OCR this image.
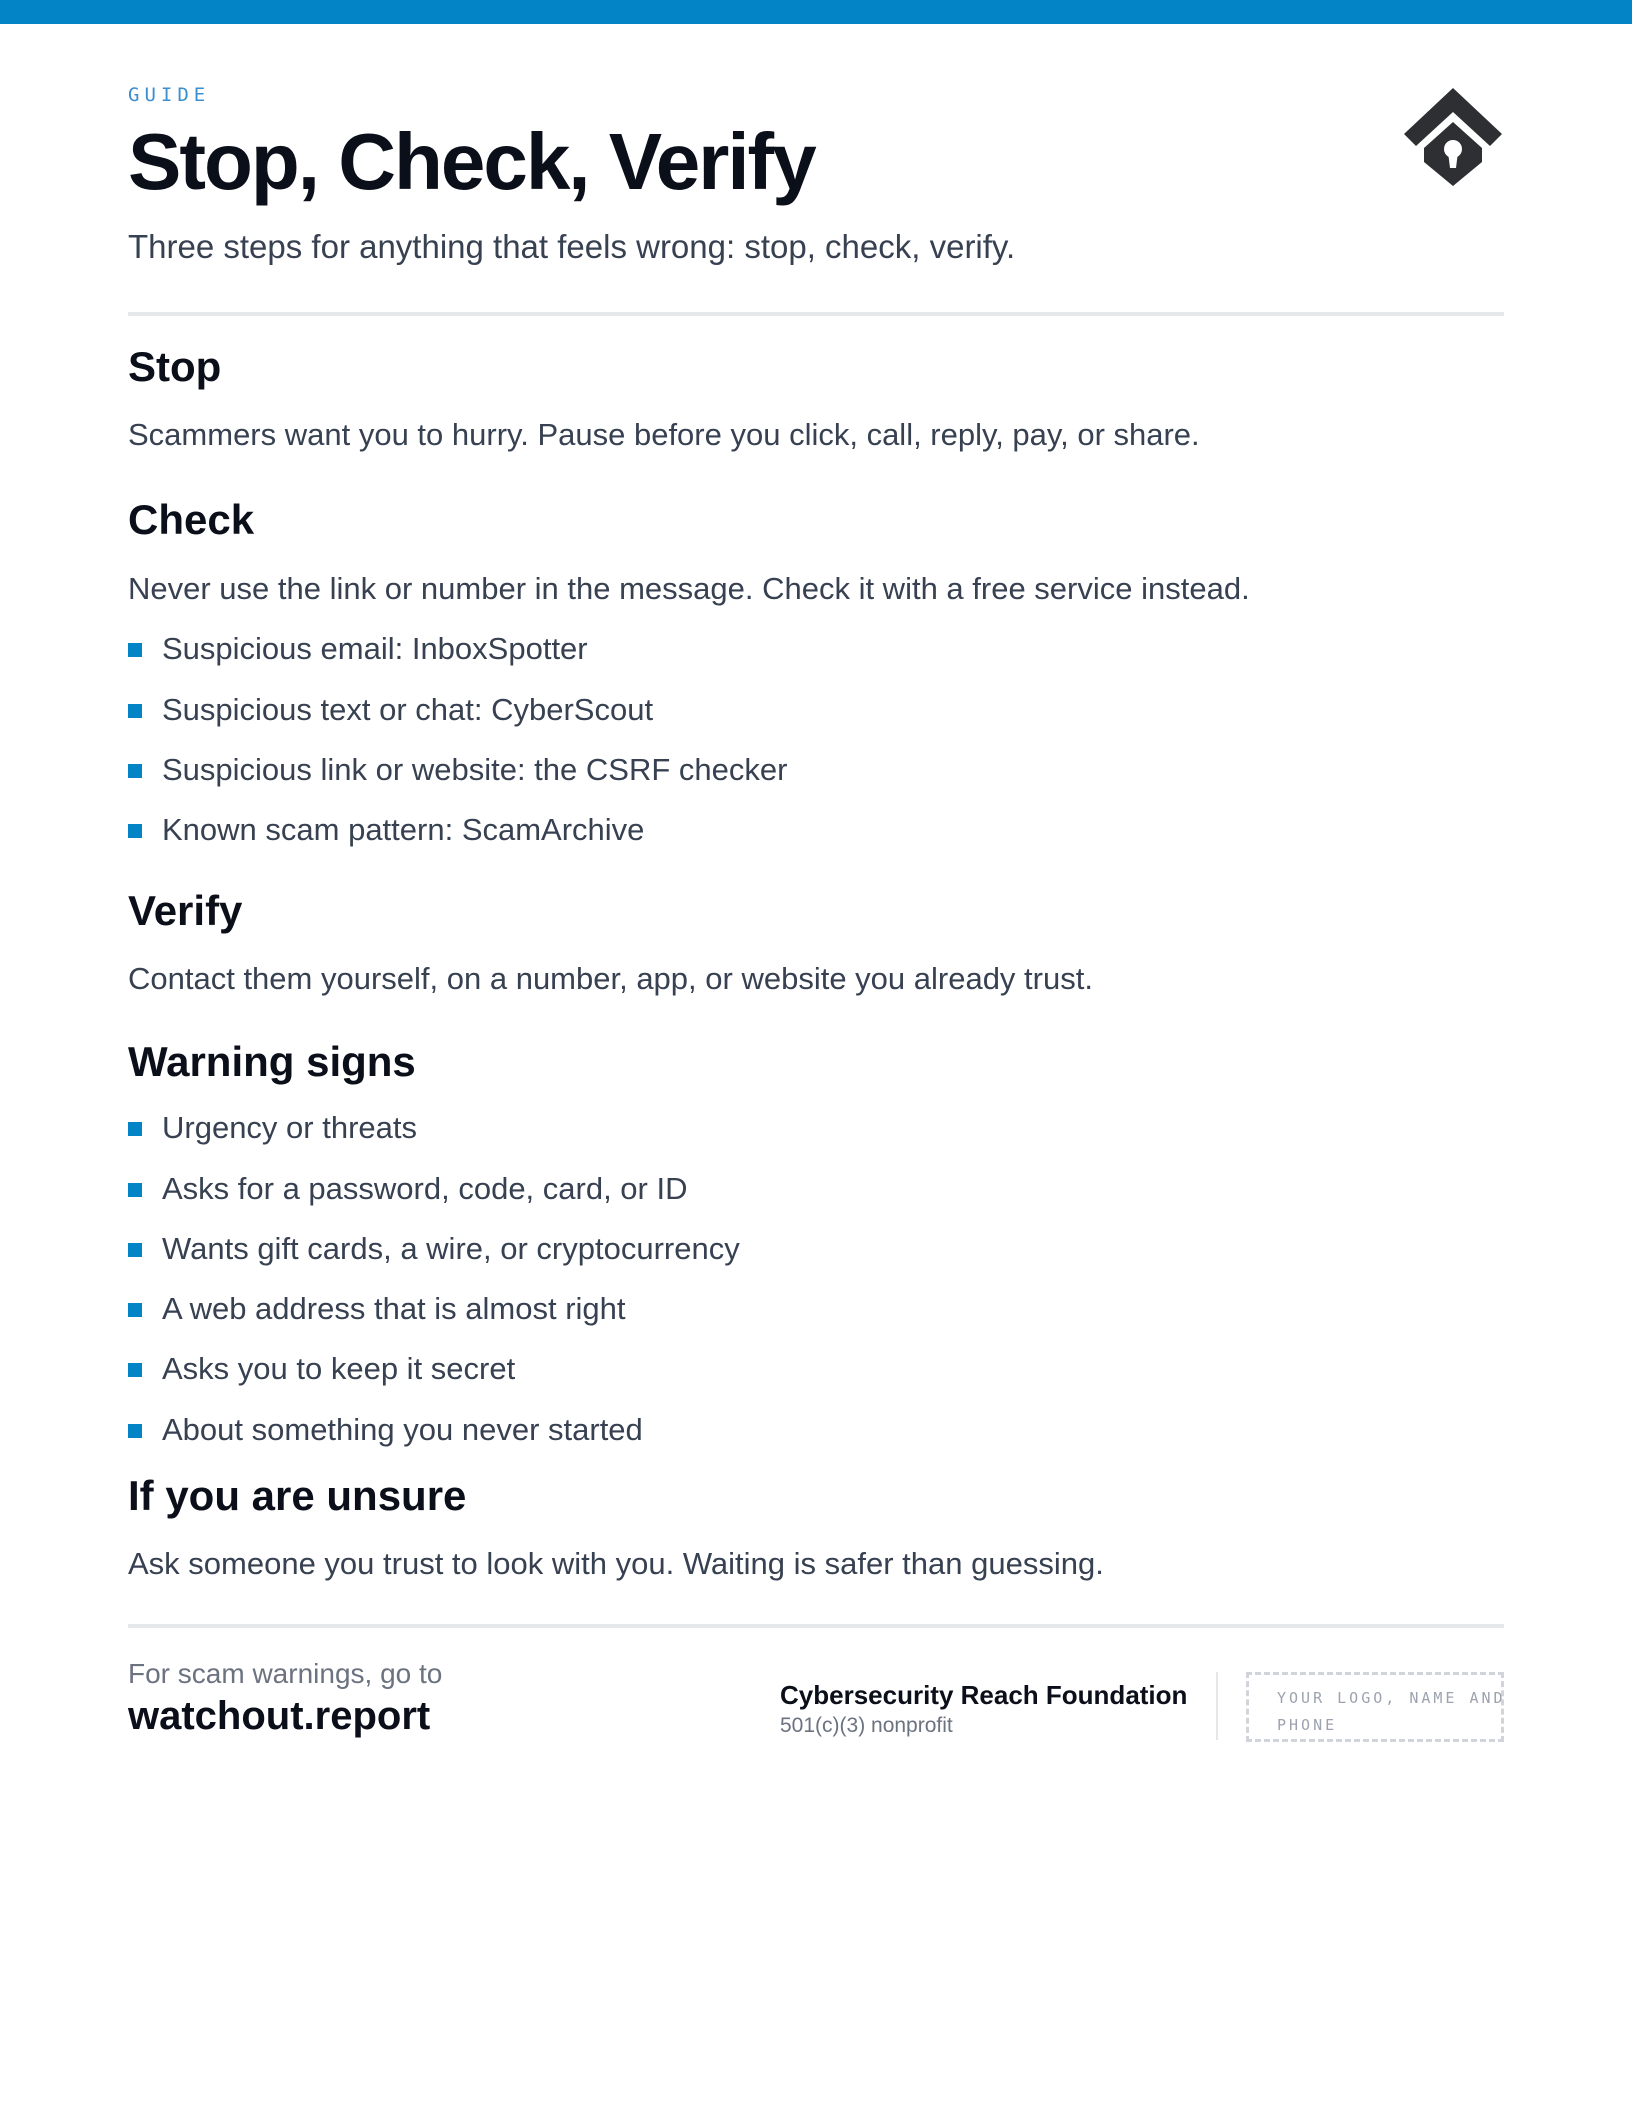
GUIDE
Stop, Check, Verify

Three steps for anything that feels wrong: stop, check, verify.

Stop

Scammers want you to hurry. Pause before you click, call, reply, pay, or share.

Check

Never use the link or number in the message. Check it with a free service instead.

Suspicious email: InboxSpotter
Suspicious text or chat: CyberScout
Suspicious link or website: the CSRF checker
Known scam pattern: ScamArchive
Verify

Contact them yourself, on a number, app, or website you already trust.

Warning signs
Urgency or threats
Asks for a password, code, card, or ID
Wants gift cards, a wire, or cryptocurrency
A web address that is almost right
Asks you to keep it secret
About something you never started
If you are unsure

Ask someone you trust to look with you. Waiting is safer than guessing.

For scam warnings, go to
watchout.report	Cybersecurity Reach Foundation
501(c)(3) nonprofit
YOUR LOGO, NAME AND PHONE
